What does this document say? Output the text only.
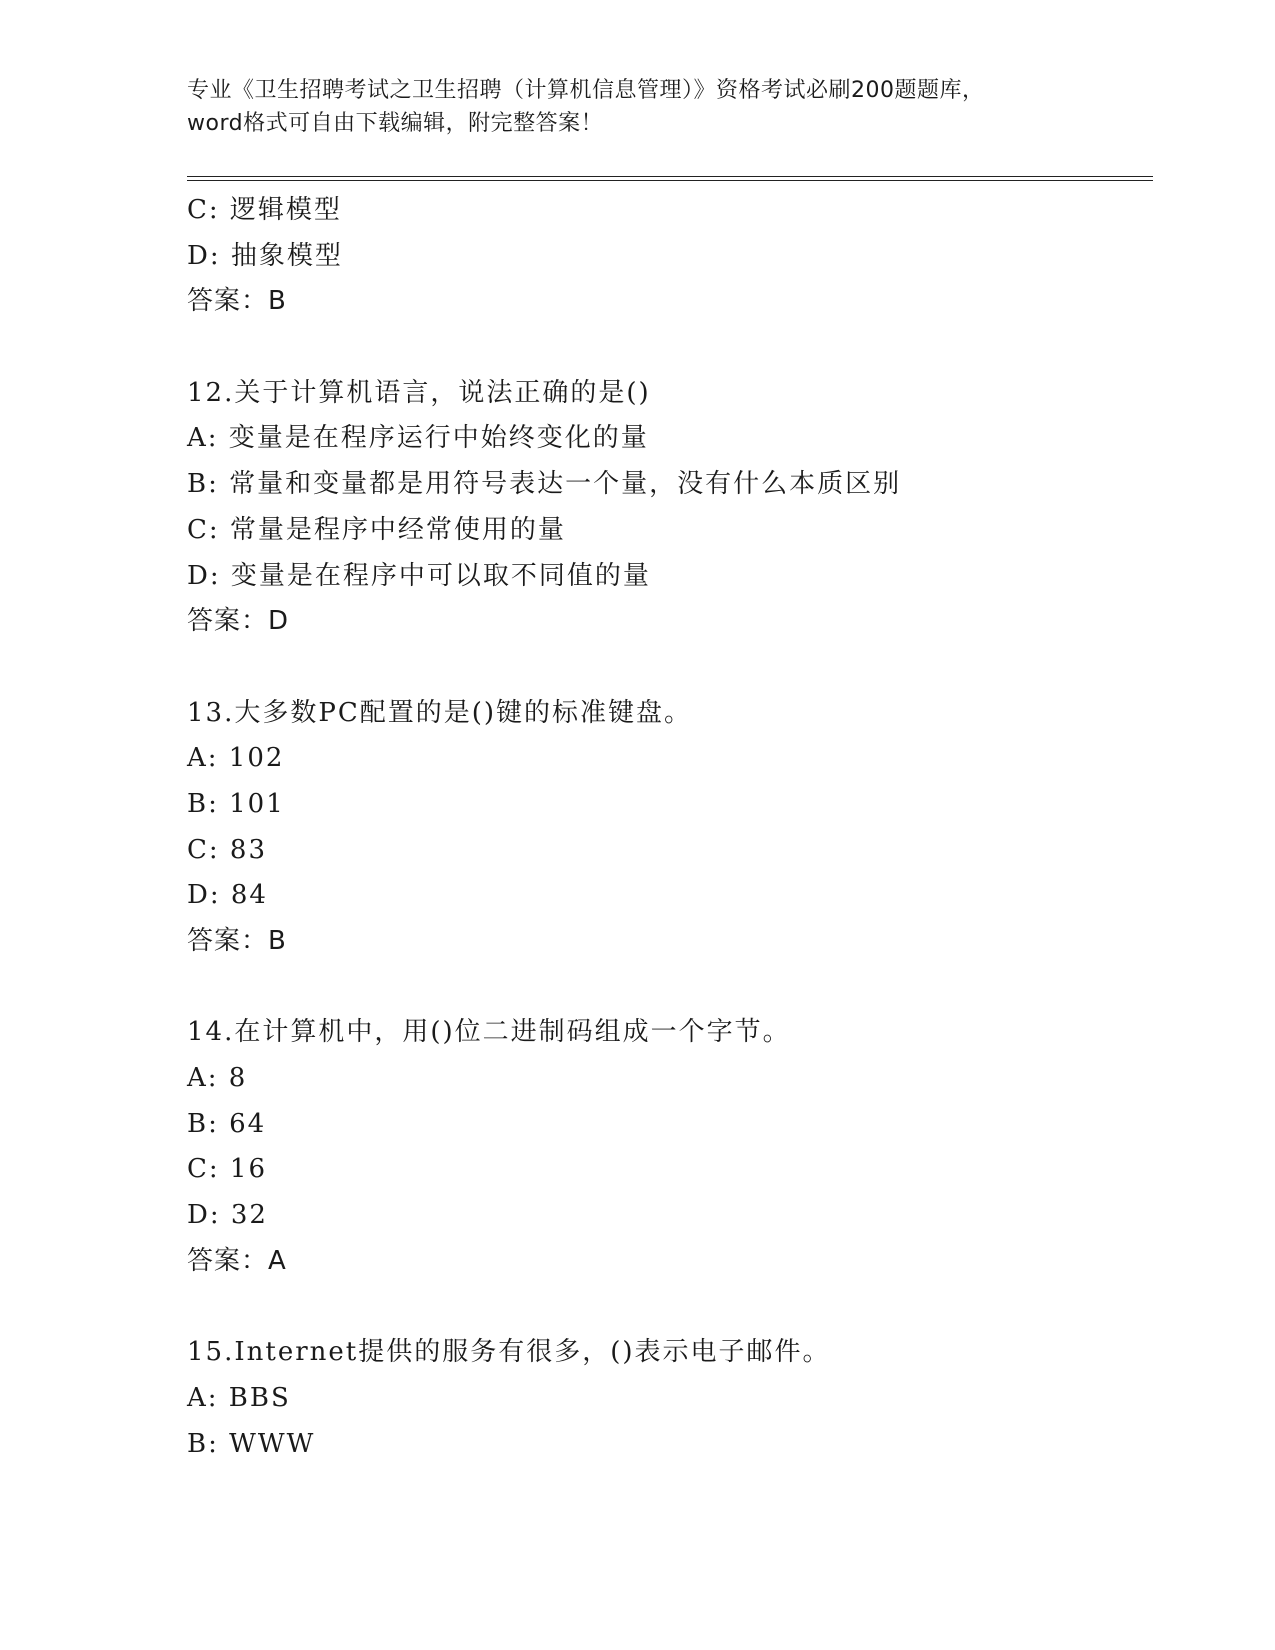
专业《卫生招聘考试之卫生招聘（计算机信息管理）》资格考试必刷200题题库，
word格式可自由下载编辑，附完整答案！
C: 逻辑模型
D: 抽象模型
答案：B
12.关于计算机语言，说法正确的是()
A: 变量是在程序运行中始终变化的量
B: 常量和变量都是用符号表达一个量，没有什么本质区别
C: 常量是程序中经常使用的量
D: 变量是在程序中可以取不同值的量
答案：D
13.大多数PC配置的是()键的标准键盘。
A: 102
B: 101
C: 83
D: 84
答案：B
14.在计算机中，用()位二进制码组成一个字节。
A: 8
B: 64
C: 16
D: 32
答案：A
15.Internet提供的服务有很多，()表示电子邮件。
A: BBS
B: WWW
